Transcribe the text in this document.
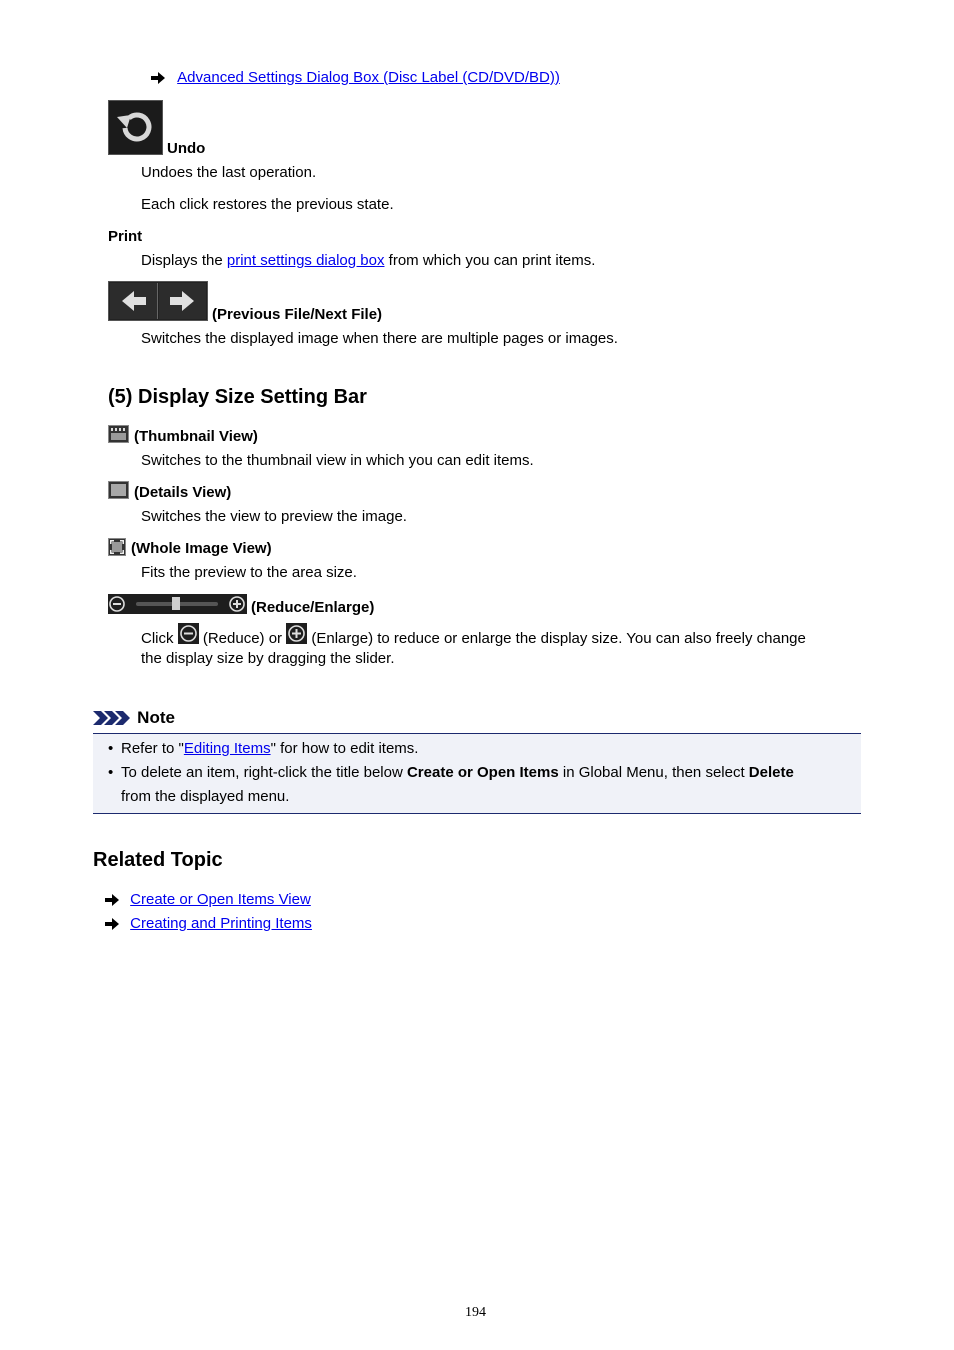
Advanced Settings Dialog Box (Disc Label (CD/DVD/BD))
Undo
Undoes the last operation.
Each click restores the previous state.
Print
Displays the print settings dialog box from which you can print items.
(Previous File/Next File)
Switches the displayed image when there are multiple pages or images.
(5) Display Size Setting Bar
(Thumbnail View)
Switches to the thumbnail view in which you can edit items.
(Details View)
Switches the view to preview the image.
(Whole Image View)
Fits the preview to the area size.
(Reduce/Enlarge)
Click  (Reduce) or  (Enlarge) to reduce or enlarge the display size. You can also freely change
the display size by dragging the slider.
Note
• Refer to "Editing Items" for how to edit items.
• To delete an item, right-click the title below Create or Open Items in Global Menu, then select Delete
from the displayed menu.
Related Topic
Create or Open Items View
Creating and Printing Items
194
